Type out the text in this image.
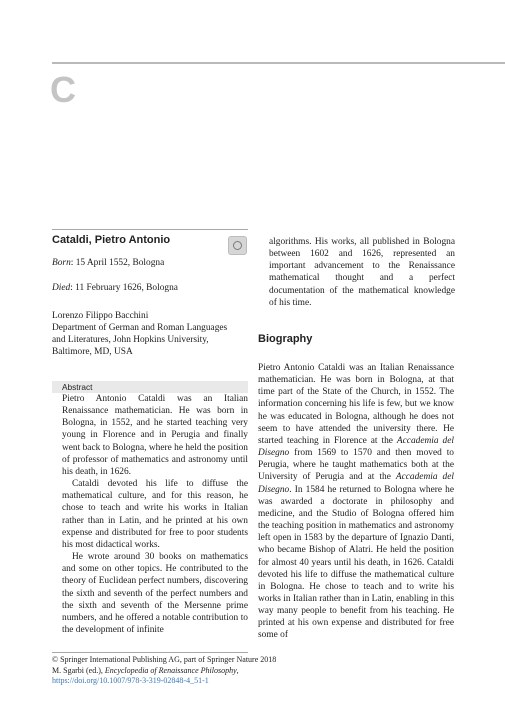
C
Cataldi, Pietro Antonio
Born: 15 April 1552, Bologna
Died: 11 February 1626, Bologna
Lorenzo Filippo Bacchini
Department of German and Roman Languages
and Literatures, John Hopkins University,
Baltimore, MD, USA
Abstract

Pietro Antonio Cataldi was an Italian Renaissance mathematician. He was born in Bologna, in 1552, and he started teaching very young in Florence and in Perugia and finally went back to Bologna, where he held the position of professor of mathematics and astronomy until his death, in 1626.

Cataldi devoted his life to diffuse the mathematical culture, and for this reason, he chose to teach and write his works in Italian rather than in Latin, and he printed at his own expense and distributed for free to poor students his most didactical works.

He wrote around 30 books on mathematics and some on other topics. He contributed to the theory of Euclidean perfect numbers, discovering the sixth and seventh of the perfect numbers and the sixth and seventh of the Mersenne prime numbers, and he offered a notable contribution to the development of infinite

algorithms. His works, all published in Bologna between 1602 and 1626, represented an important advancement to the Renaissance mathematical thought and a perfect documentation of the mathematical knowledge of his time.

Biography

Pietro Antonio Cataldi was an Italian Renaissance mathematician. He was born in Bologna, at that time part of the State of the Church, in 1552. The information concerning his life is few, but we know he was educated in Bologna, although he does not seem to have attended the university there. He started teaching in Florence at the Accademia del Disegno from 1569 to 1570 and then moved to Perugia, where he taught mathematics both at the University of Perugia and at the Accademia del Disegno. In 1584 he returned to Bologna where he was awarded a doctorate in philosophy and medicine, and the Studio of Bologna offered him the teaching position in mathematics and astronomy left open in 1583 by the departure of Ignazio Danti, who became Bishop of Alatri. He held the position for almost 40 years until his death, in 1626. Cataldi devoted his life to diffuse the mathematical culture in Bologna. He chose to teach and to write his works in Italian rather than in Latin, enabling in this way many people to benefit from his teaching. He printed at his own expense and distributed for free some of

© Springer International Publishing AG, part of Springer Nature 2018
M. Sgarbi (ed.), Encyclopedia of Renaissance Philosophy,
https://doi.org/10.1007/978-3-319-02848-4_51-1
